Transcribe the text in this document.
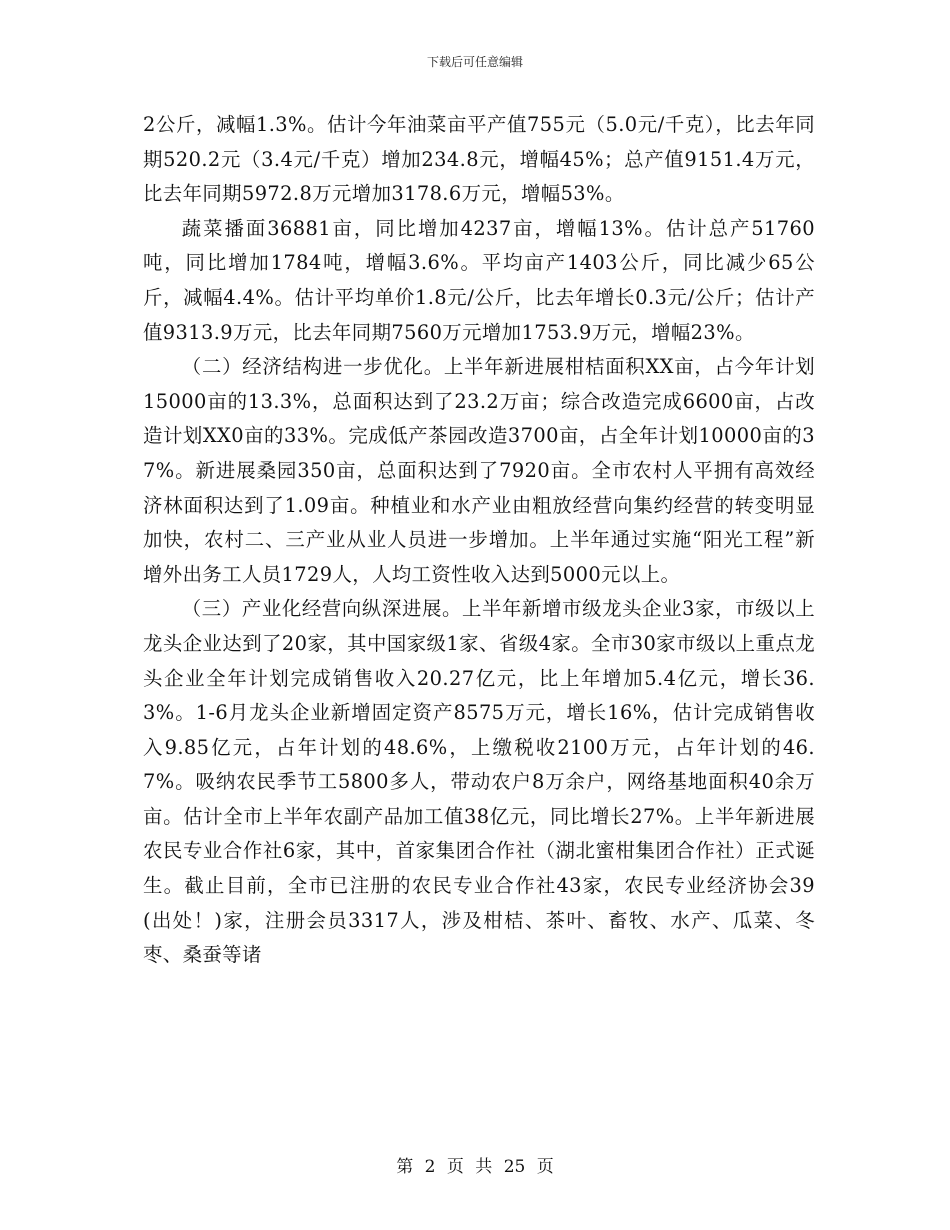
下载后可任意编辑

2公斤，减幅1.3%。估计今年油菜亩平产值755元（5.0元/千克），比去年同期520.2元（3.4元/千克）增加234.8元，增幅45%；总产值9151.4万元，比去年同期5972.8万元增加3178.6万元，增幅53%。

蔬菜播面36881亩，同比增加4237亩，增幅13%。估计总产51760吨，同比增加1784吨，增幅3.6%。平均亩产1403公斤，同比减少65公斤，减幅4.4%。估计平均单价1.8元/公斤，比去年增长0.3元/公斤；估计产值9313.9万元，比去年同期7560万元增加1753.9万元，增幅23%。

（二）经济结构进一步优化。上半年新进展柑桔面积XX亩，占今年计划15000亩的13.3%，总面积达到了23.2万亩；综合改造完成6600亩，占改造计划XX0亩的33%。完成低产茶园改造3700亩，占全年计划10000亩的37%。新进展桑园350亩，总面积达到了7920亩。全市农村人平拥有高效经济林面积达到了1.09亩。种植业和水产业由粗放经营向集约经营的转变明显加快，农村二、三产业从业人员进一步增加。上半年通过实施“阳光工程”新增外出务工人员1729人，人均工资性收入达到5000元以上。

（三）产业化经营向纵深进展。上半年新增市级龙头企业3家，市级以上龙头企业达到了20家，其中国家级1家、省级4家。全市30家市级以上重点龙头企业全年计划完成销售收入20.27亿元，比上年增加5.4亿元，增长36.3%。1-6月龙头企业新增固定资产8575万元，增长16%，估计完成销售收入9.85亿元，占年计划的48.6%，上缴税收2100万元，占年计划的46.7%。吸纳农民季节工5800多人，带动农户8万余户，网络基地面积40余万亩。估计全市上半年农副产品加工值38亿元，同比增长27%。上半年新进展农民专业合作社6家，其中，首家集团合作社（湖北蜜柑集团合作社）正式诞生。截止目前，全市已注册的农民专业合作社43家，农民专业经济协会39(出处！)家，注册会员3317人，涉及柑桔、茶叶、畜牧、水产、瓜菜、冬枣、桑蚕等诸

第 2 页 共 25 页
